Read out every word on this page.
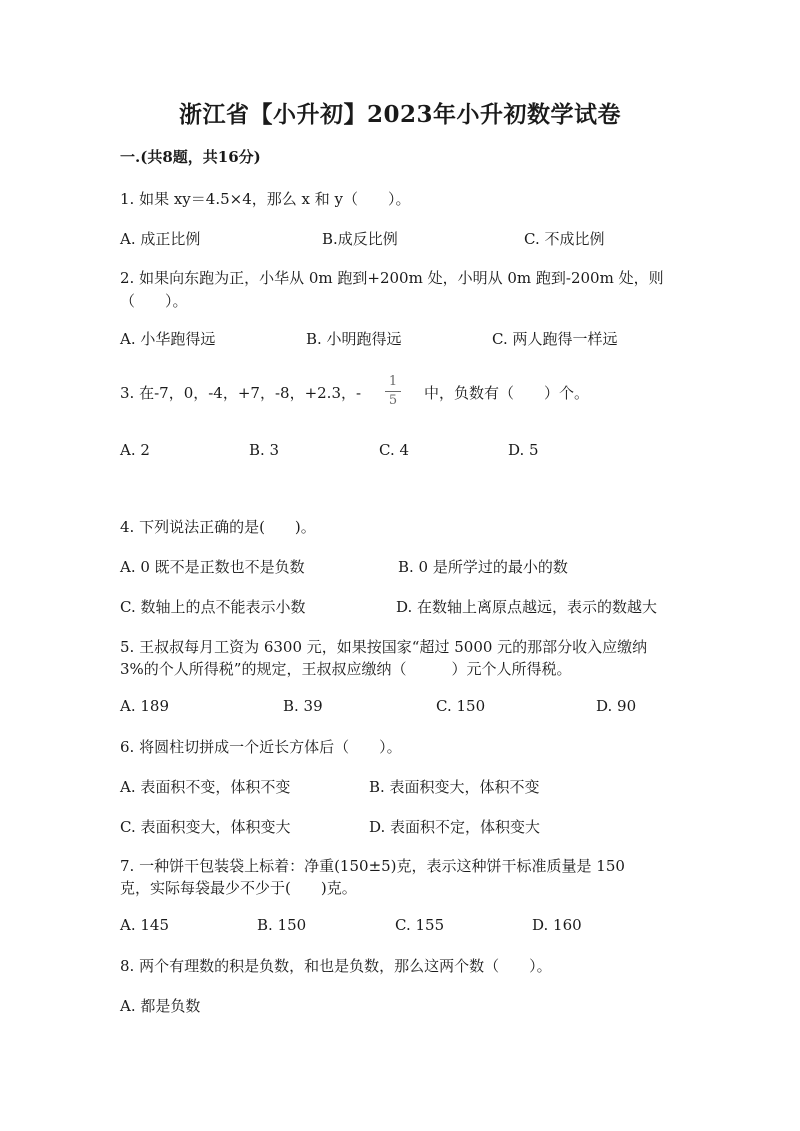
浙江省【小升初】2023年小升初数学试卷
一.(共8题，共16分)
1. 如果 xy＝4.5×4，那么 x 和 y（　　）。
A. 成正比例	B.成反比例	C. 不成比例
2. 如果向东跑为正，小华从 0m 跑到+200m 处，小明从 0m 跑到-200m 处，则
（　　）。
A. 小华跑得远	B. 小明跑得远	C. 两人跑得一样远
3. 在-7，0，-4，+7，-8，+2.3，-
1
5	中，负数有（　　）个。
A. 2	B. 3	C. 4	D. 5
4. 下列说法正确的是(　　)。
A. 0 既不是正数也不是负数	B. 0 是所学过的最小的数
C. 数轴上的点不能表示小数	D. 在数轴上离原点越远，表示的数越大
5. 王叔叔每月工资为 6300 元，如果按国家“超过 5000 元的那部分收入应缴纳
3%的个人所得税”的规定，王叔叔应缴纳（　　　）元个人所得税。
A. 189	B. 39	C. 150	D. 90
6. 将圆柱切拼成一个近长方体后（　　）。
A. 表面积不变，体积不变	B. 表面积变大，体积不变
C. 表面积变大，体积变大	D. 表面积不定，体积变大
7. 一种饼干包装袋上标着：净重(150±5)克，表示这种饼干标准质量是 150
克，实际每袋最少不少于(　　)克。
A. 145	B. 150	C. 155	D. 160
8. 两个有理数的积是负数，和也是负数，那么这两个数（　　）。
A. 都是负数
